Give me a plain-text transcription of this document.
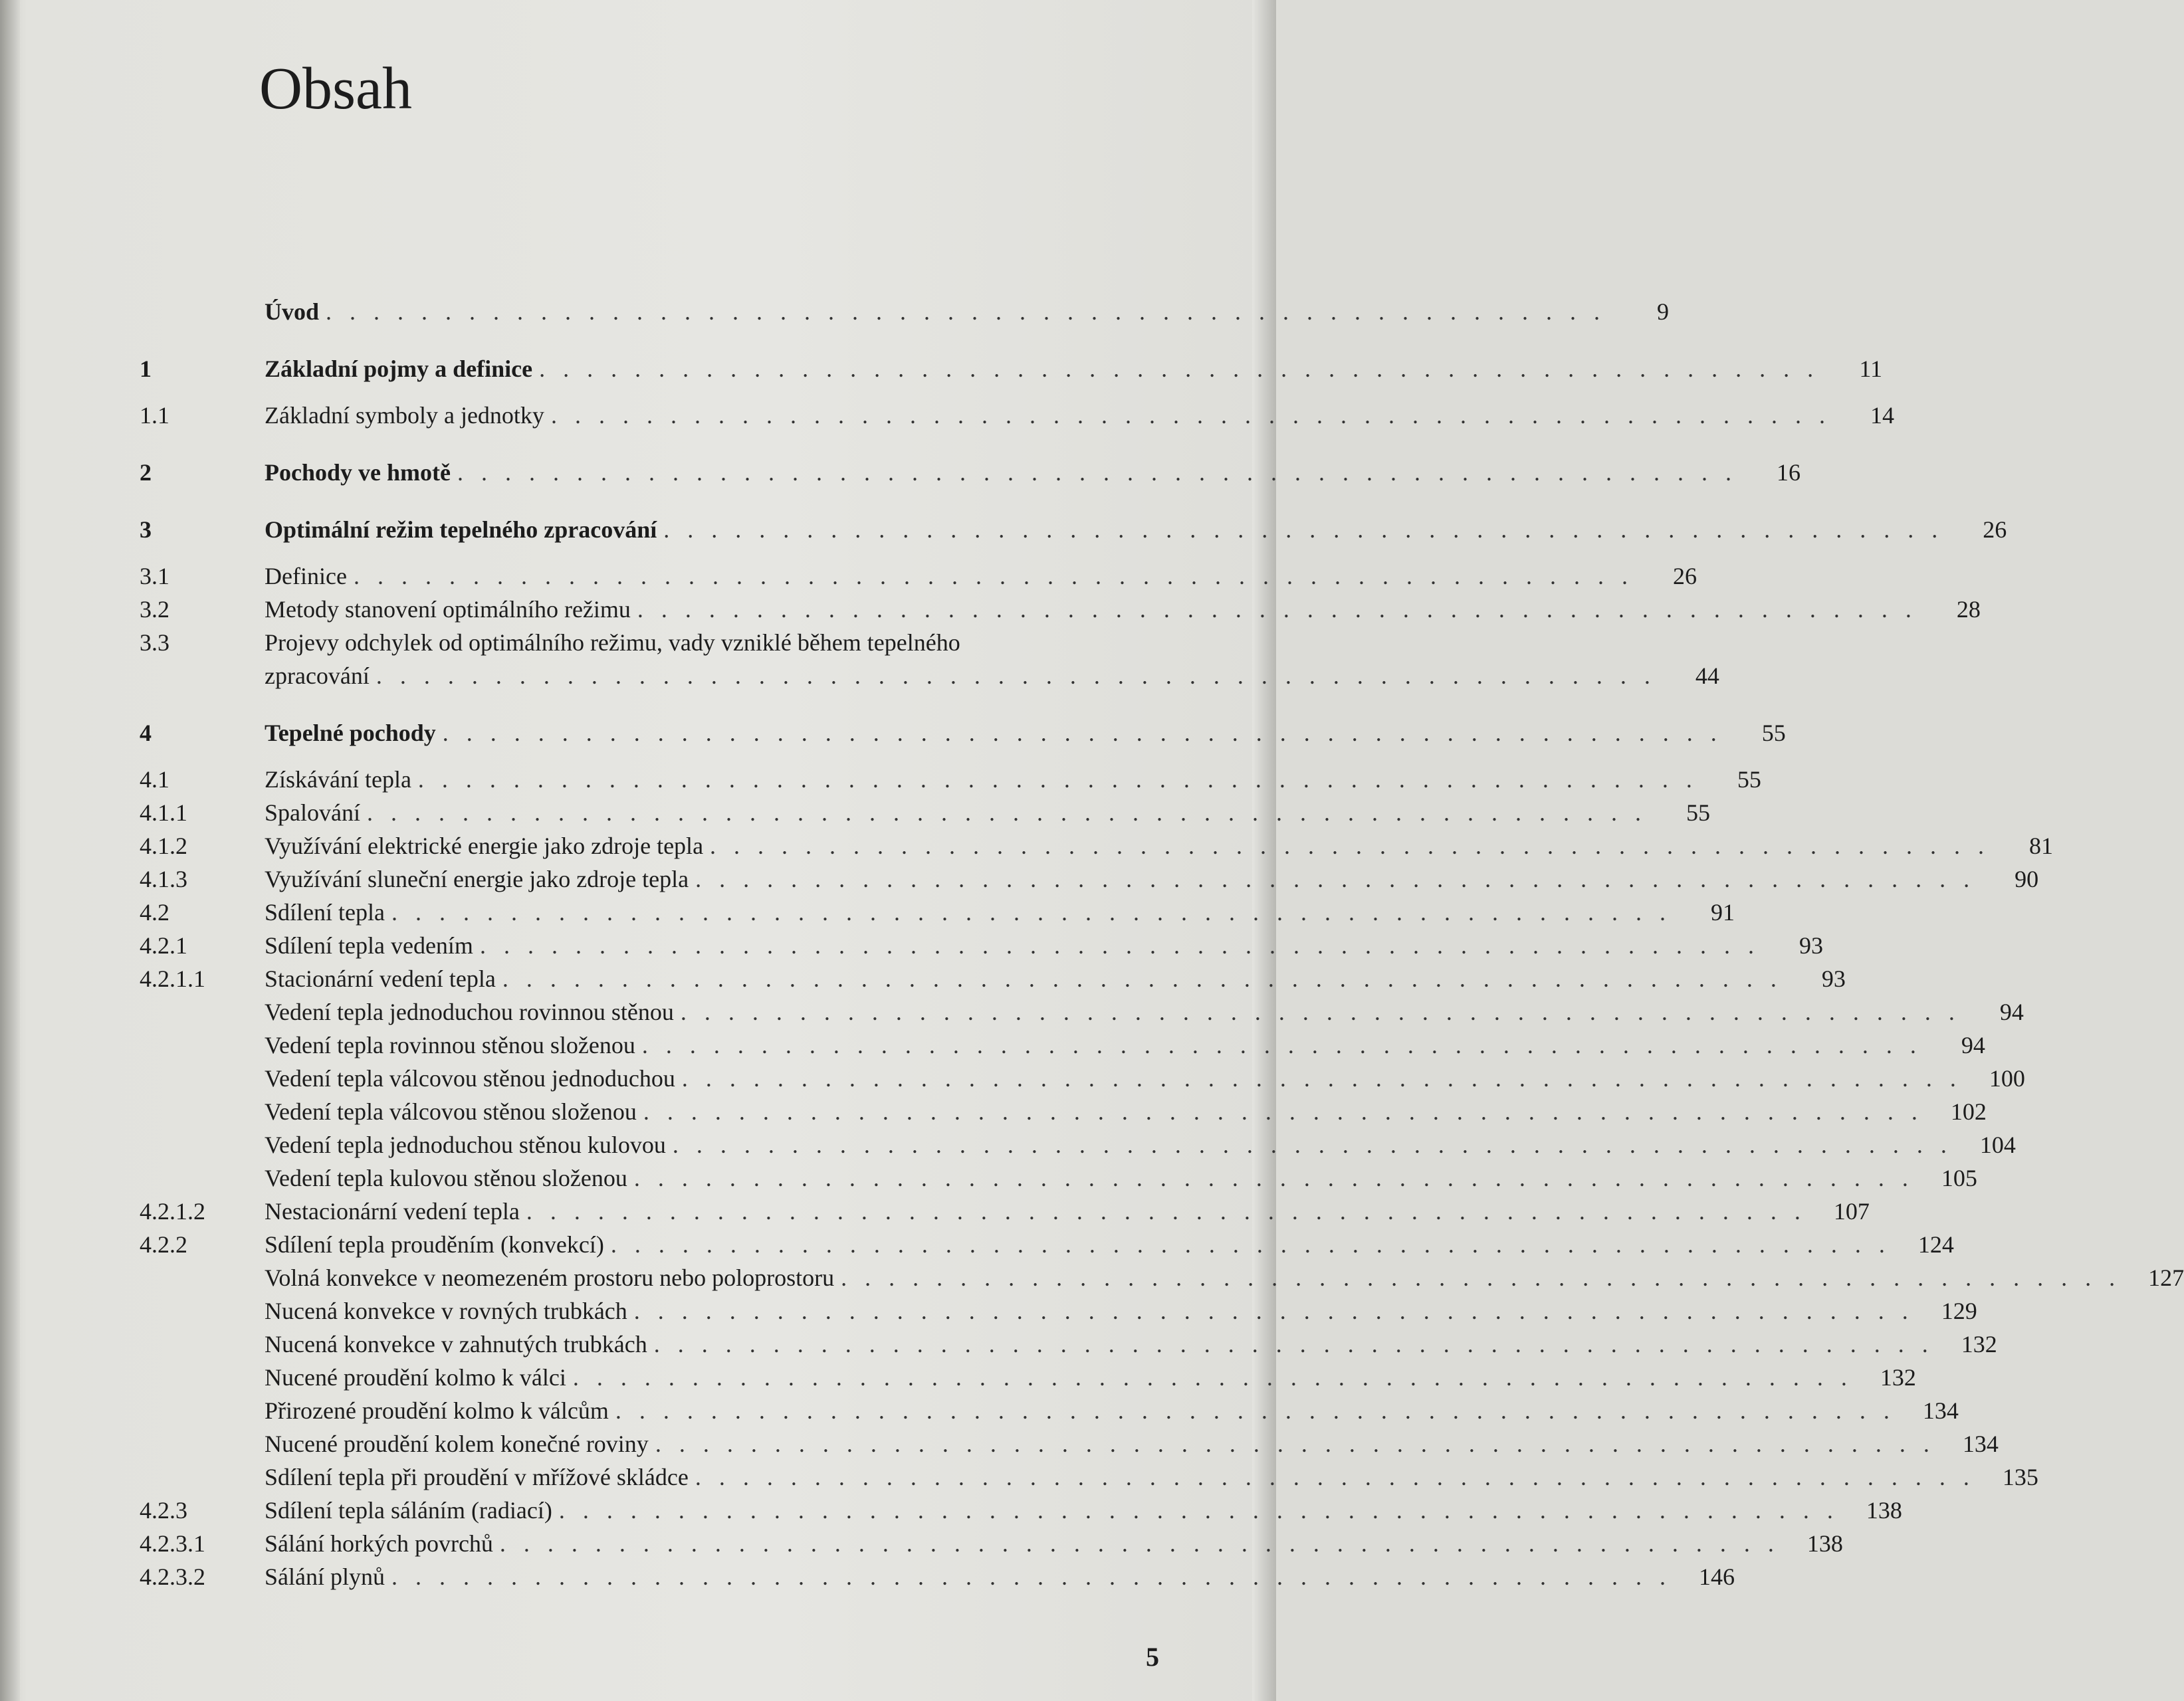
Obsah
Úvod . . . . . . . . . . . . . . . . . . . . . . . . . . . . . . . . . . . . . . . . . . . . . . . . . . . . . .	9
1	Základní pojmy a definice . . . . . . . . . . . . . . . . . . . . . . . . . . . . . . . . . . . . . . . . . . . . . . . . . . . . . .	11
1.1	Základní symboly a jednotky . . . . . . . . . . . . . . . . . . . . . . . . . . . . . . . . . . . . . . . . . . . . . . . . . . . . . .	14
2	Pochody ve hmotě . . . . . . . . . . . . . . . . . . . . . . . . . . . . . . . . . . . . . . . . . . . . . . . . . . . . . .	16
3	Optimální režim tepelného zpracování . . . . . . . . . . . . . . . . . . . . . . . . . . . . . . . . . . . . . . . . . . . . . . . . . . . . . .	26
3.1	Definice . . . . . . . . . . . . . . . . . . . . . . . . . . . . . . . . . . . . . . . . . . . . . . . . . . . . . .	26
3.2	Metody stanovení optimálního režimu . . . . . . . . . . . . . . . . . . . . . . . . . . . . . . . . . . . . . . . . . . . . . . . . . . . . . .	28
3.3	Projevy odchylek od optimálního režimu, vady vzniklé během tepelného
zpracování . . . . . . . . . . . . . . . . . . . . . . . . . . . . . . . . . . . . . . . . . . . . . . . . . . . . . .	44
4	Tepelné pochody . . . . . . . . . . . . . . . . . . . . . . . . . . . . . . . . . . . . . . . . . . . . . . . . . . . . . .	55
4.1	Získávání tepla . . . . . . . . . . . . . . . . . . . . . . . . . . . . . . . . . . . . . . . . . . . . . . . . . . . . . .	55
4.1.1	Spalování . . . . . . . . . . . . . . . . . . . . . . . . . . . . . . . . . . . . . . . . . . . . . . . . . . . . . .	55
4.1.2	Využívání elektrické energie jako zdroje tepla . . . . . . . . . . . . . . . . . . . . . . . . . . . . . . . . . . . . . . . . . . . . . . . . . . . . . .	81
4.1.3	Využívání sluneční energie jako zdroje tepla . . . . . . . . . . . . . . . . . . . . . . . . . . . . . . . . . . . . . . . . . . . . . . . . . . . . . .	90
4.2	Sdílení tepla . . . . . . . . . . . . . . . . . . . . . . . . . . . . . . . . . . . . . . . . . . . . . . . . . . . . . .	91
4.2.1	Sdílení tepla vedením . . . . . . . . . . . . . . . . . . . . . . . . . . . . . . . . . . . . . . . . . . . . . . . . . . . . . .	93
4.2.1.1	Stacionární vedení tepla . . . . . . . . . . . . . . . . . . . . . . . . . . . . . . . . . . . . . . . . . . . . . . . . . . . . . .	93
Vedení tepla jednoduchou rovinnou stěnou . . . . . . . . . . . . . . . . . . . . . . . . . . . . . . . . . . . . . . . . . . . . . . . . . . . . . .	94
Vedení tepla rovinnou stěnou složenou . . . . . . . . . . . . . . . . . . . . . . . . . . . . . . . . . . . . . . . . . . . . . . . . . . . . . .	94
Vedení tepla válcovou stěnou jednoduchou . . . . . . . . . . . . . . . . . . . . . . . . . . . . . . . . . . . . . . . . . . . . . . . . . . . . . .	100
Vedení tepla válcovou stěnou složenou . . . . . . . . . . . . . . . . . . . . . . . . . . . . . . . . . . . . . . . . . . . . . . . . . . . . . .	102
Vedení tepla jednoduchou stěnou kulovou . . . . . . . . . . . . . . . . . . . . . . . . . . . . . . . . . . . . . . . . . . . . . . . . . . . . . .	104
Vedení tepla kulovou stěnou složenou . . . . . . . . . . . . . . . . . . . . . . . . . . . . . . . . . . . . . . . . . . . . . . . . . . . . . .	105
4.2.1.2	Nestacionární vedení tepla . . . . . . . . . . . . . . . . . . . . . . . . . . . . . . . . . . . . . . . . . . . . . . . . . . . . . .	107
4.2.2	Sdílení tepla prouděním (konvekcí) . . . . . . . . . . . . . . . . . . . . . . . . . . . . . . . . . . . . . . . . . . . . . . . . . . . . . .	124
Volná konvekce v neomezeném prostoru nebo poloprostoru . . . . . . . . . . . . . . . . . . . . . . . . . . . . . . . . . . . . . . . . . . . . . . . . . . . . . .	127
Nucená konvekce v rovných trubkách . . . . . . . . . . . . . . . . . . . . . . . . . . . . . . . . . . . . . . . . . . . . . . . . . . . . . .	129
Nucená konvekce v zahnutých trubkách . . . . . . . . . . . . . . . . . . . . . . . . . . . . . . . . . . . . . . . . . . . . . . . . . . . . . .	132
Nucené proudění kolmo k válci . . . . . . . . . . . . . . . . . . . . . . . . . . . . . . . . . . . . . . . . . . . . . . . . . . . . . .	132
Přirozené proudění kolmo k válcům . . . . . . . . . . . . . . . . . . . . . . . . . . . . . . . . . . . . . . . . . . . . . . . . . . . . . .	134
Nucené proudění kolem konečné roviny . . . . . . . . . . . . . . . . . . . . . . . . . . . . . . . . . . . . . . . . . . . . . . . . . . . . . .	134
Sdílení tepla při proudění v mřížové skládce . . . . . . . . . . . . . . . . . . . . . . . . . . . . . . . . . . . . . . . . . . . . . . . . . . . . . .	135
4.2.3	Sdílení tepla sáláním (radiací) . . . . . . . . . . . . . . . . . . . . . . . . . . . . . . . . . . . . . . . . . . . . . . . . . . . . . .	138
4.2.3.1	Sálání horkých povrchů . . . . . . . . . . . . . . . . . . . . . . . . . . . . . . . . . . . . . . . . . . . . . . . . . . . . . .	138
4.2.3.2	Sálání plynů . . . . . . . . . . . . . . . . . . . . . . . . . . . . . . . . . . . . . . . . . . . . . . . . . . . . . .	146
5
